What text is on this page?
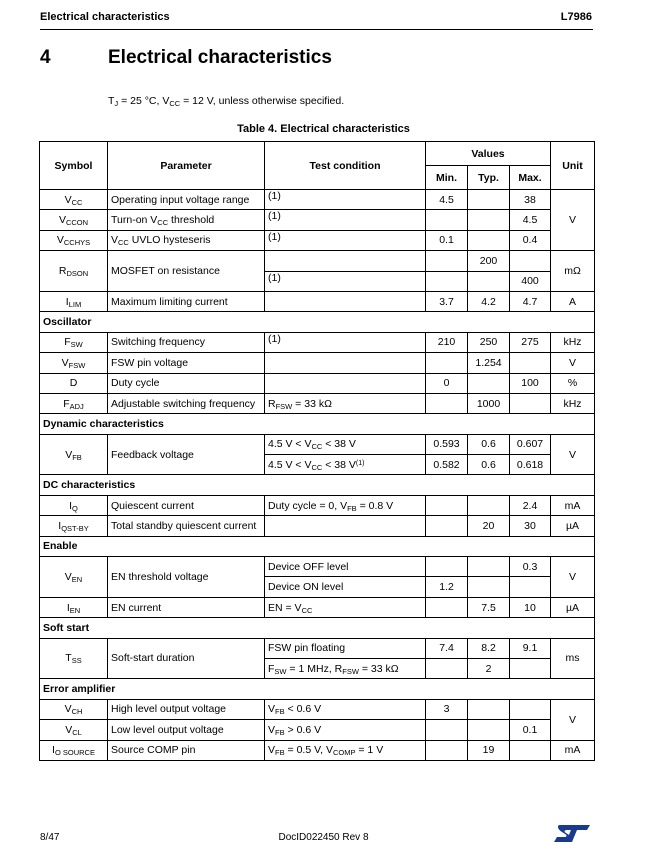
Electrical characteristics	L7986
4	Electrical characteristics
$T_J = 25$ °C, $V_{CC} = 12$ V, unless otherwise specified.
Table 4. Electrical characteristics
Symbol	Parameter	Test condition	Values			Unit
			Min.	Typ.	Max.	
$V_{CC}$	Operating input voltage range	(1)	4.5		38	V
$V_{CCON}$	Turn-on $V_{CC}$ threshold	(1)			4.5	
$V_{CCHYS}$	$V_{CC}$ UVLO hysteseris	(1)	0.1		0.4	
$R_{DSON}$	MOSFET on resistance			200		mΩ
		(1)			400	
$I_{LIM}$	Maximum limiting current		3.7	4.2	4.7	A
Oscillator						
$F_{SW}$	Switching frequency	(1)	210	250	275	kHz
$V_{FSW}$	FSW pin voltage			1.254		V
D	Duty cycle		0		100	%
$F_{ADJ}$	Adjustable switching frequency	$R_{FSW} = 33$ kΩ		1000		kHz
Dynamic characteristics						
$V_{FB}$	Feedback voltage	4.5 $V < V_{CC} < 38$ V	0.593	0.6	0.607	V
		4.5 $V < V_{CC} < 38$ $V^{(1)}$	0.582	0.6	0.618	
DC characteristics						
$I_Q$	Quiescent current	Duty cycle = 0, $V_{FB} = 0.8$ V			2.4	mA
$I_{QST-BY}$	Total standby quiescent current			20	30	µA
Enable						
$V_{EN}$	EN threshold voltage	Device OFF level			0.3	V
		Device ON level	1.2			
$I_{EN}$	EN current	EN = $V_{CC}$		7.5	10	µA
Soft start						
$T_{SS}$	Soft-start duration	FSW pin floating	7.4	8.2	9.1	ms
		$F_{SW} = 1$ MHz, $R_{FSW} = 33$ kΩ		2		
Error amplifier						
$V_{CH}$	High level output voltage	$V_{FB} < 0.6$ V	3			V
$V_{CL}$	Low level output voltage	$V_{FB} > 0.6$ V			0.1	
$I_{O SOURCE}$	Source COMP pin	$V_{FB} = 0.5$ V, $V_{COMP} = 1$ V		19		mA
8/47	DocID022450 Rev 8
